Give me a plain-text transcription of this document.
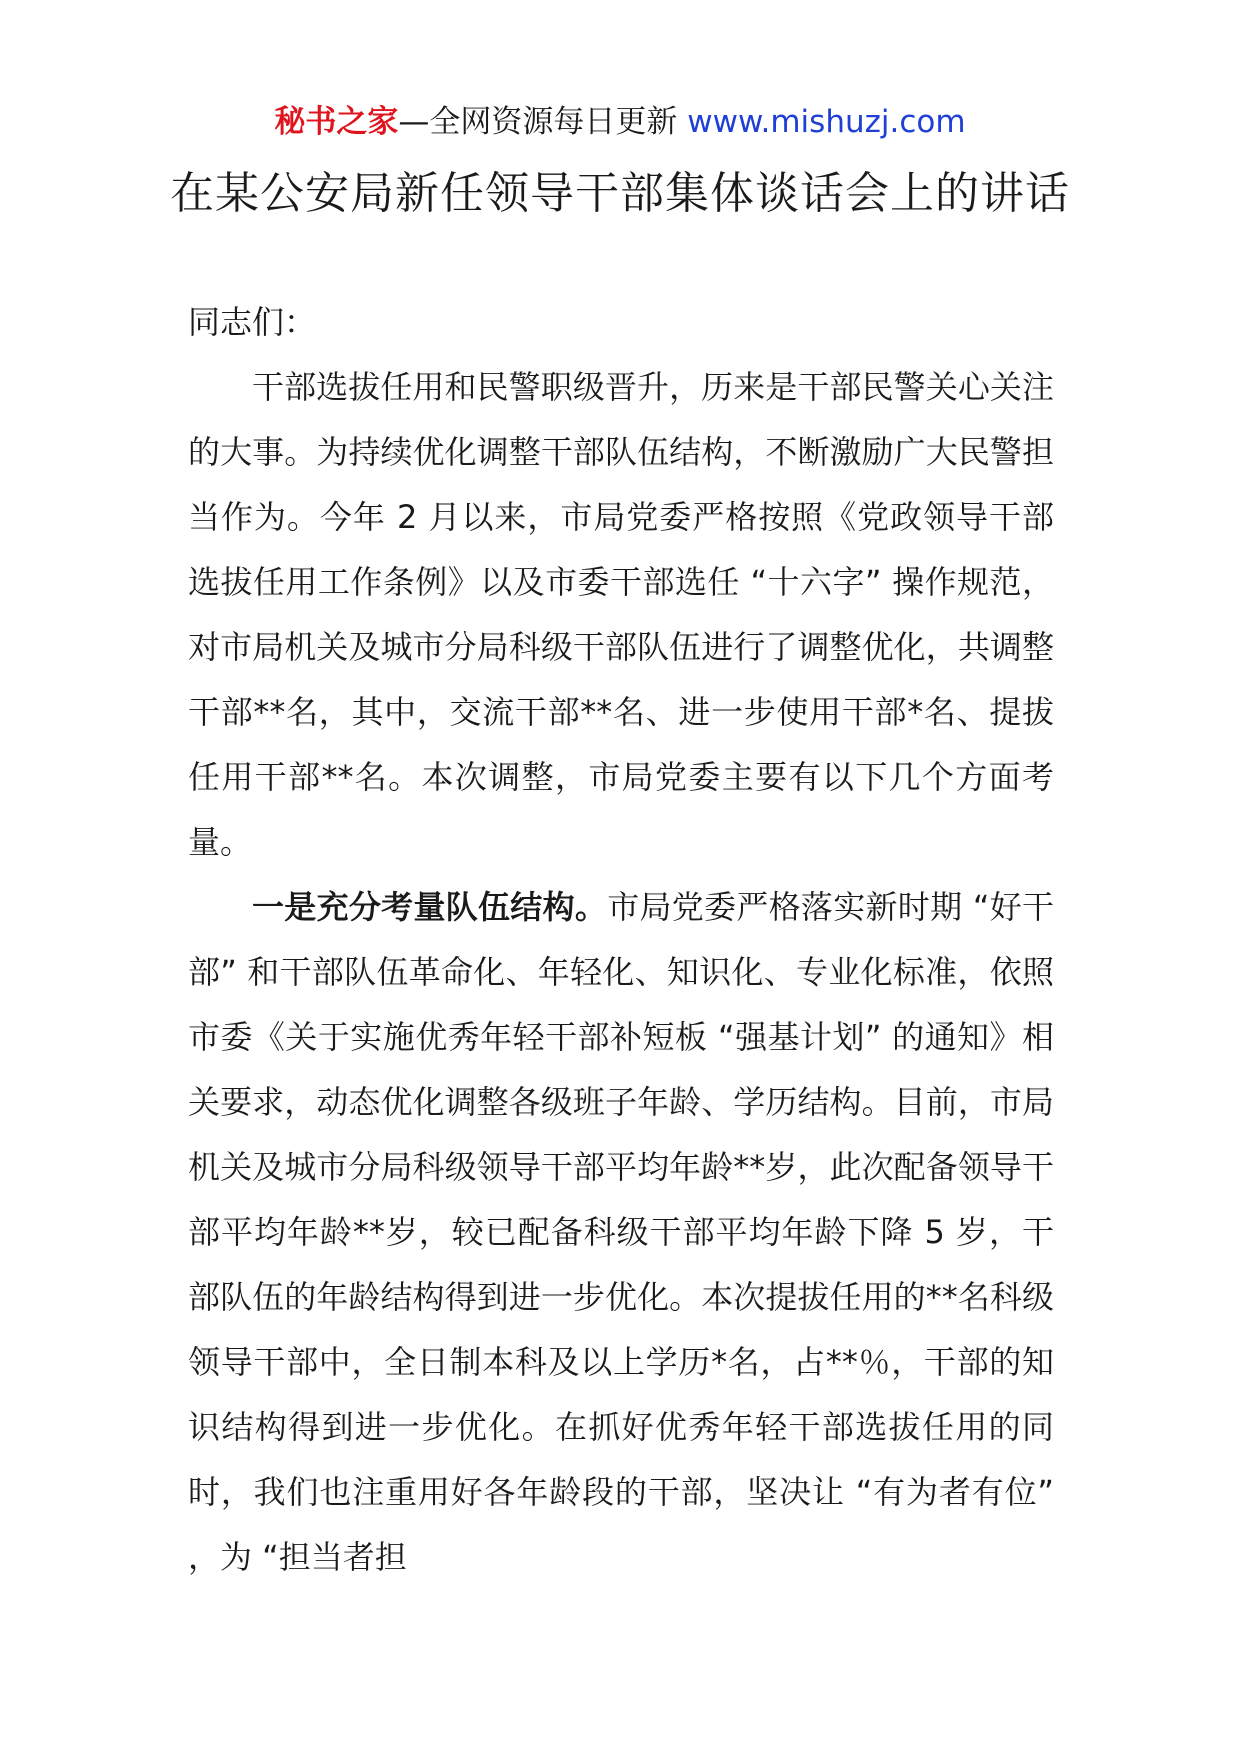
秘书之家—全网资源每日更新 www.mishuzj.com
在某公安局新任领导干部集体谈话会上的讲话

同志们：

干部选拔任用和民警职级晋升，历来是干部民警关心关注的大事。为持续优化调整干部队伍结构，不断激励广大民警担当作为。今年 2 月以来，市局党委严格按照《党政领导干部选拔任用工作条例》以及市委干部选任 “十六字” 操作规范，对市局机关及城市分局科级干部队伍进行了调整优化，共调整干部**名，其中，交流干部**名、进一步使用干部*名、提拔任用干部**名。本次调整，市局党委主要有以下几个方面考量。

一是充分考量队伍结构。市局党委严格落实新时期 “好干部” 和干部队伍革命化、年轻化、知识化、专业化标准，依照市委《关于实施优秀年轻干部补短板 “强基计划” 的通知》相关要求，动态优化调整各级班子年龄、学历结构。目前，市局机关及城市分局科级领导干部平均年龄**岁，此次配备领导干部平均年龄**岁，较已配备科级干部平均年龄下降 5 岁，干部队伍的年龄结构得到进一步优化。本次提拔任用的**名科级领导干部中，全日制本科及以上学历*名，占**％，干部的知识结构得到进一步优化。在抓好优秀年轻干部选拔任用的同时，我们也注重用好各年龄段的干部，坚决让 “有为者有位” ，为 “担当者担
